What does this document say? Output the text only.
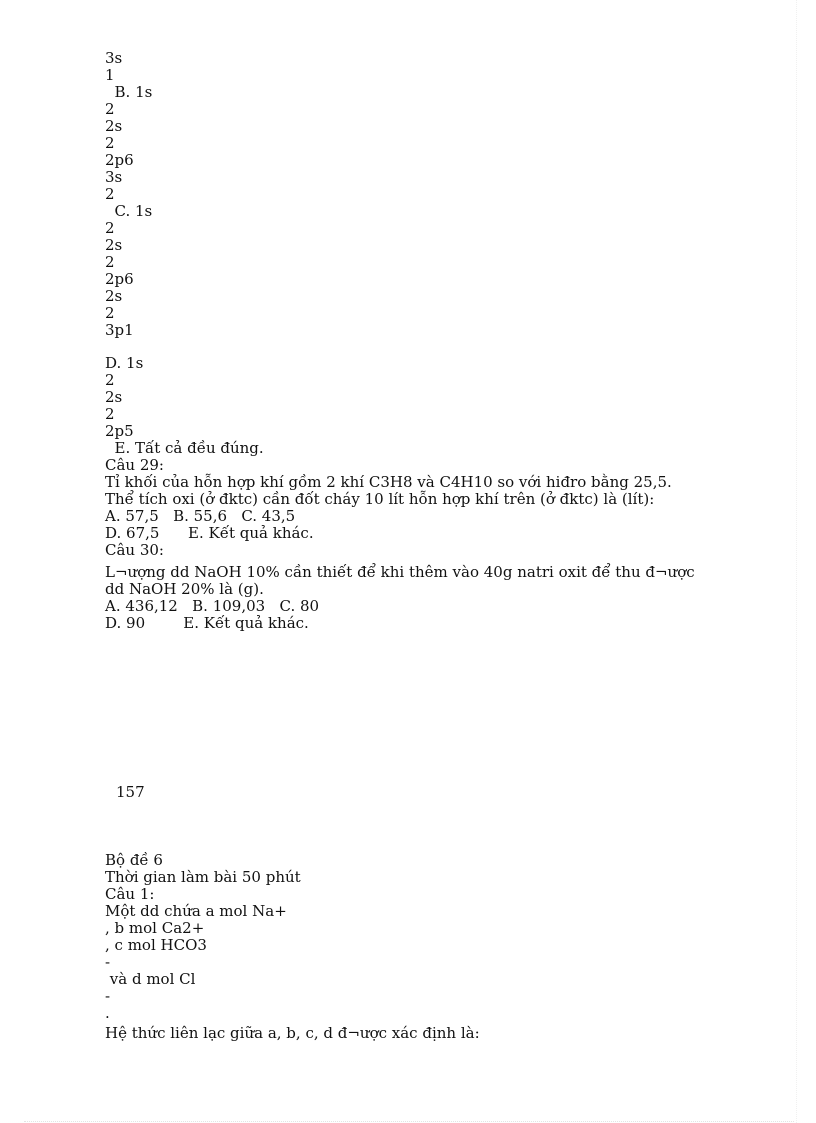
3s

1

B. 1s

2

2s

2

2p6

3s

2

C. 1s

2

2s

2

2p6

2s

2

3p1

D. 1s

2

2s

2

2p5

E. Tất cả đều đúng.

Câu 29:

Tỉ khối của hỗn hợp khí gồm 2 khí C3H8 và C4H10 so với hiđro bằng 25,5.

Thể tích oxi (ở đktc) cần đốt cháy 10 lít hỗn hợp khí trên (ở đktc) là (lít):

A. 57,5   B. 55,6   C. 43,5

D. 67,5      E. Kết quả khác.

Câu 30:

L¬ượng dd NaOH 10% cần thiết để khi thêm vào 40g natri oxit để thu đ¬ược

dd NaOH 20% là (g).

A. 436,12   B. 109,03   C. 80

D. 90        E. Kết quả khác.

157

Bộ đề 6

Thời gian làm bài 50 phút

Câu 1:

Một dd chứa a mol Na+

, b mol Ca2+

, c mol HCO3

-

và d mol Cl

-

.

Hệ thức liên lạc giữa a, b, c, d đ¬ược xác định là:
